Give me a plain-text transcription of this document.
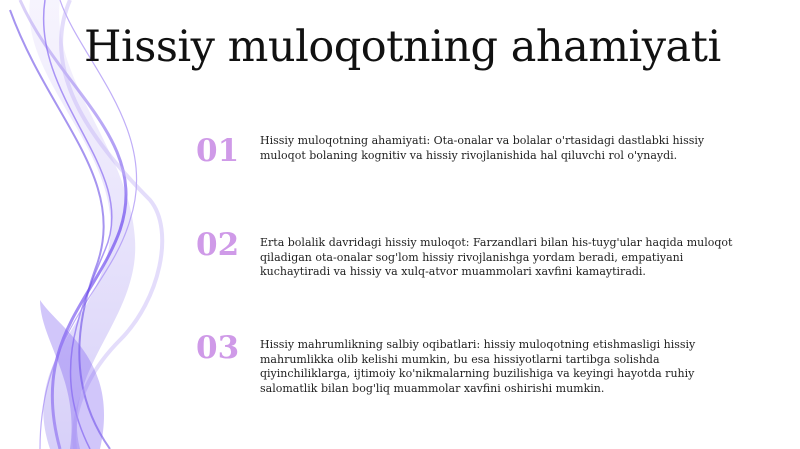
Hissiy muloqotning ahamiyati
01	Hissiy muloqotning ahamiyati: Ota-onalar va bolalar o'rtasidagi dastlabki hissiy muloqot bolaning kognitiv va hissiy rivojlanishida hal qiluvchi rol o'ynaydi.
02	Erta bolalik davridagi hissiy muloqot: Farzandlari bilan his-tuyg'ular haqida muloqot qiladigan ota-onalar sog'lom hissiy rivojlanishga yordam beradi, empatiyani kuchaytiradi va hissiy va xulq-atvor muammolari xavfini kamaytiradi.
03	Hissiy mahrumlikning salbiy oqibatlari: hissiy muloqotning etishmasligi hissiy mahrumlikka olib kelishi mumkin, bu esa hissiyotlarni tartibga solishda qiyinchiliklarga, ijtimoiy ko'nikmalarning buzilishiga va keyingi hayotda ruhiy salomatlik bilan bog'liq muammolar xavfini oshirishi mumkin.
